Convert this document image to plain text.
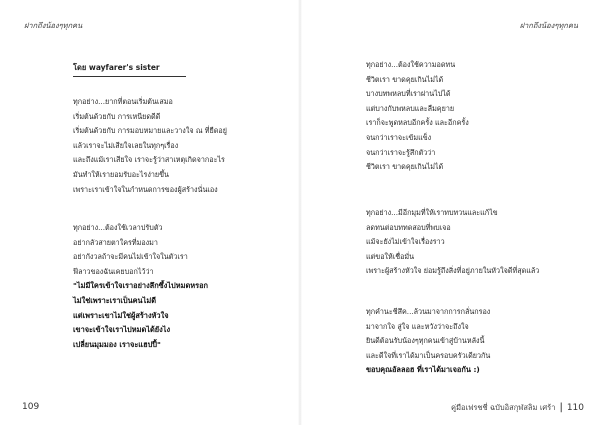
ฝากถึงน้องๆทุกคน
โดย wayfarer's sister
ทุกอย่าง...ยากที่ตอนเริ่มต้นเสมอ
เริ่มต้นด้วยกับ การเหนียดดีดี
เริ่มต้นด้วยกับ การมอบหมายและวางใจ ณ ที่ยืดอยู่
แล้วเราจะไม่เสียใจเลยในทุกๆเรื่อง
และถึงแม้เราเสียใจ เราจะรู้ว่าสาเหตุเกิดจากอะไร
มันทำให้เรายอมรับอะไรง่ายขึ้น
เพราะเราเข้าใจในกำหนดการของผู้สร้างนั่นเอง
ทุกอย่าง...ต้องใช้เวลาปรับตัว
อย่ากลัวสายตาใครที่มองมา
อย่ากังวลถ้าจะมีคนไม่เข้าใจในตัวเรา
ฟีลาวของฉันเคยบอกไว้ว่า
"ไม่มีใครเข้าใจเราอย่างลึกซึ้งไปหมดหรอก
ไม่ใช่เพราะเราเป็นคนไม่ดี
แต่เพราะเขาไม่ใช่ผู้สร้างหัวใจ
เขาจะเข้าใจเราไปหมดได้ยังไง
เปลี่ยนมุมมอง เราจะแฮปปี้"
109
ฝากถึงน้องๆทุกคน
ทุกอย่าง...ต้องใช้ความอดทน
ชีวิตเรา ขาดคุยเกินไม่ได้
บางบทพหลบที่เราผ่านไปได้
แต่บางกับพหลบและลืมคุยาย
เราก็จะพูดหลบอีกครั้ง และอีกครั้ง
จนกว่าเราจะเข้มแข็ง
จนกว่าเราจะรู้สึกตัวว่า
ชีวิตเรา ขาดคุยเกินไม่ได้
ทุกอย่าง...มีอีกมุมที่ให้เราทบทวนและแก้ไข
ลดทนต่อบททดสอบที่พบเจอ
แม้จะยังไม่เข้าใจเรื่องราว
แต่ขอให้เชื่อมั่น
เพราะผู้สร้างหัวใจ ย่อมรู้ถึงสิ่งที่อยู่ภายในหัวใจดีที่สุดแล้ว
ทุกคำนะชีสึค...ล้วนมาจากการกลั่นกรอง
มาจากใจ สู่ใจ และหวังว่าจะถึงใจ
ยินดีต้อนรับน้องๆทุกคนเข้าสู่บ้านหลังนี้
และดีใจที่เราได้มาเป็นครอบครัวเดียวกัน
ขอบคุณอัลลอฮ ที่เราได้มาเจอกัน :)
คู่มือเฟรชชี่ ฉบับอิสกุฬสลิม เศร้า | 110
